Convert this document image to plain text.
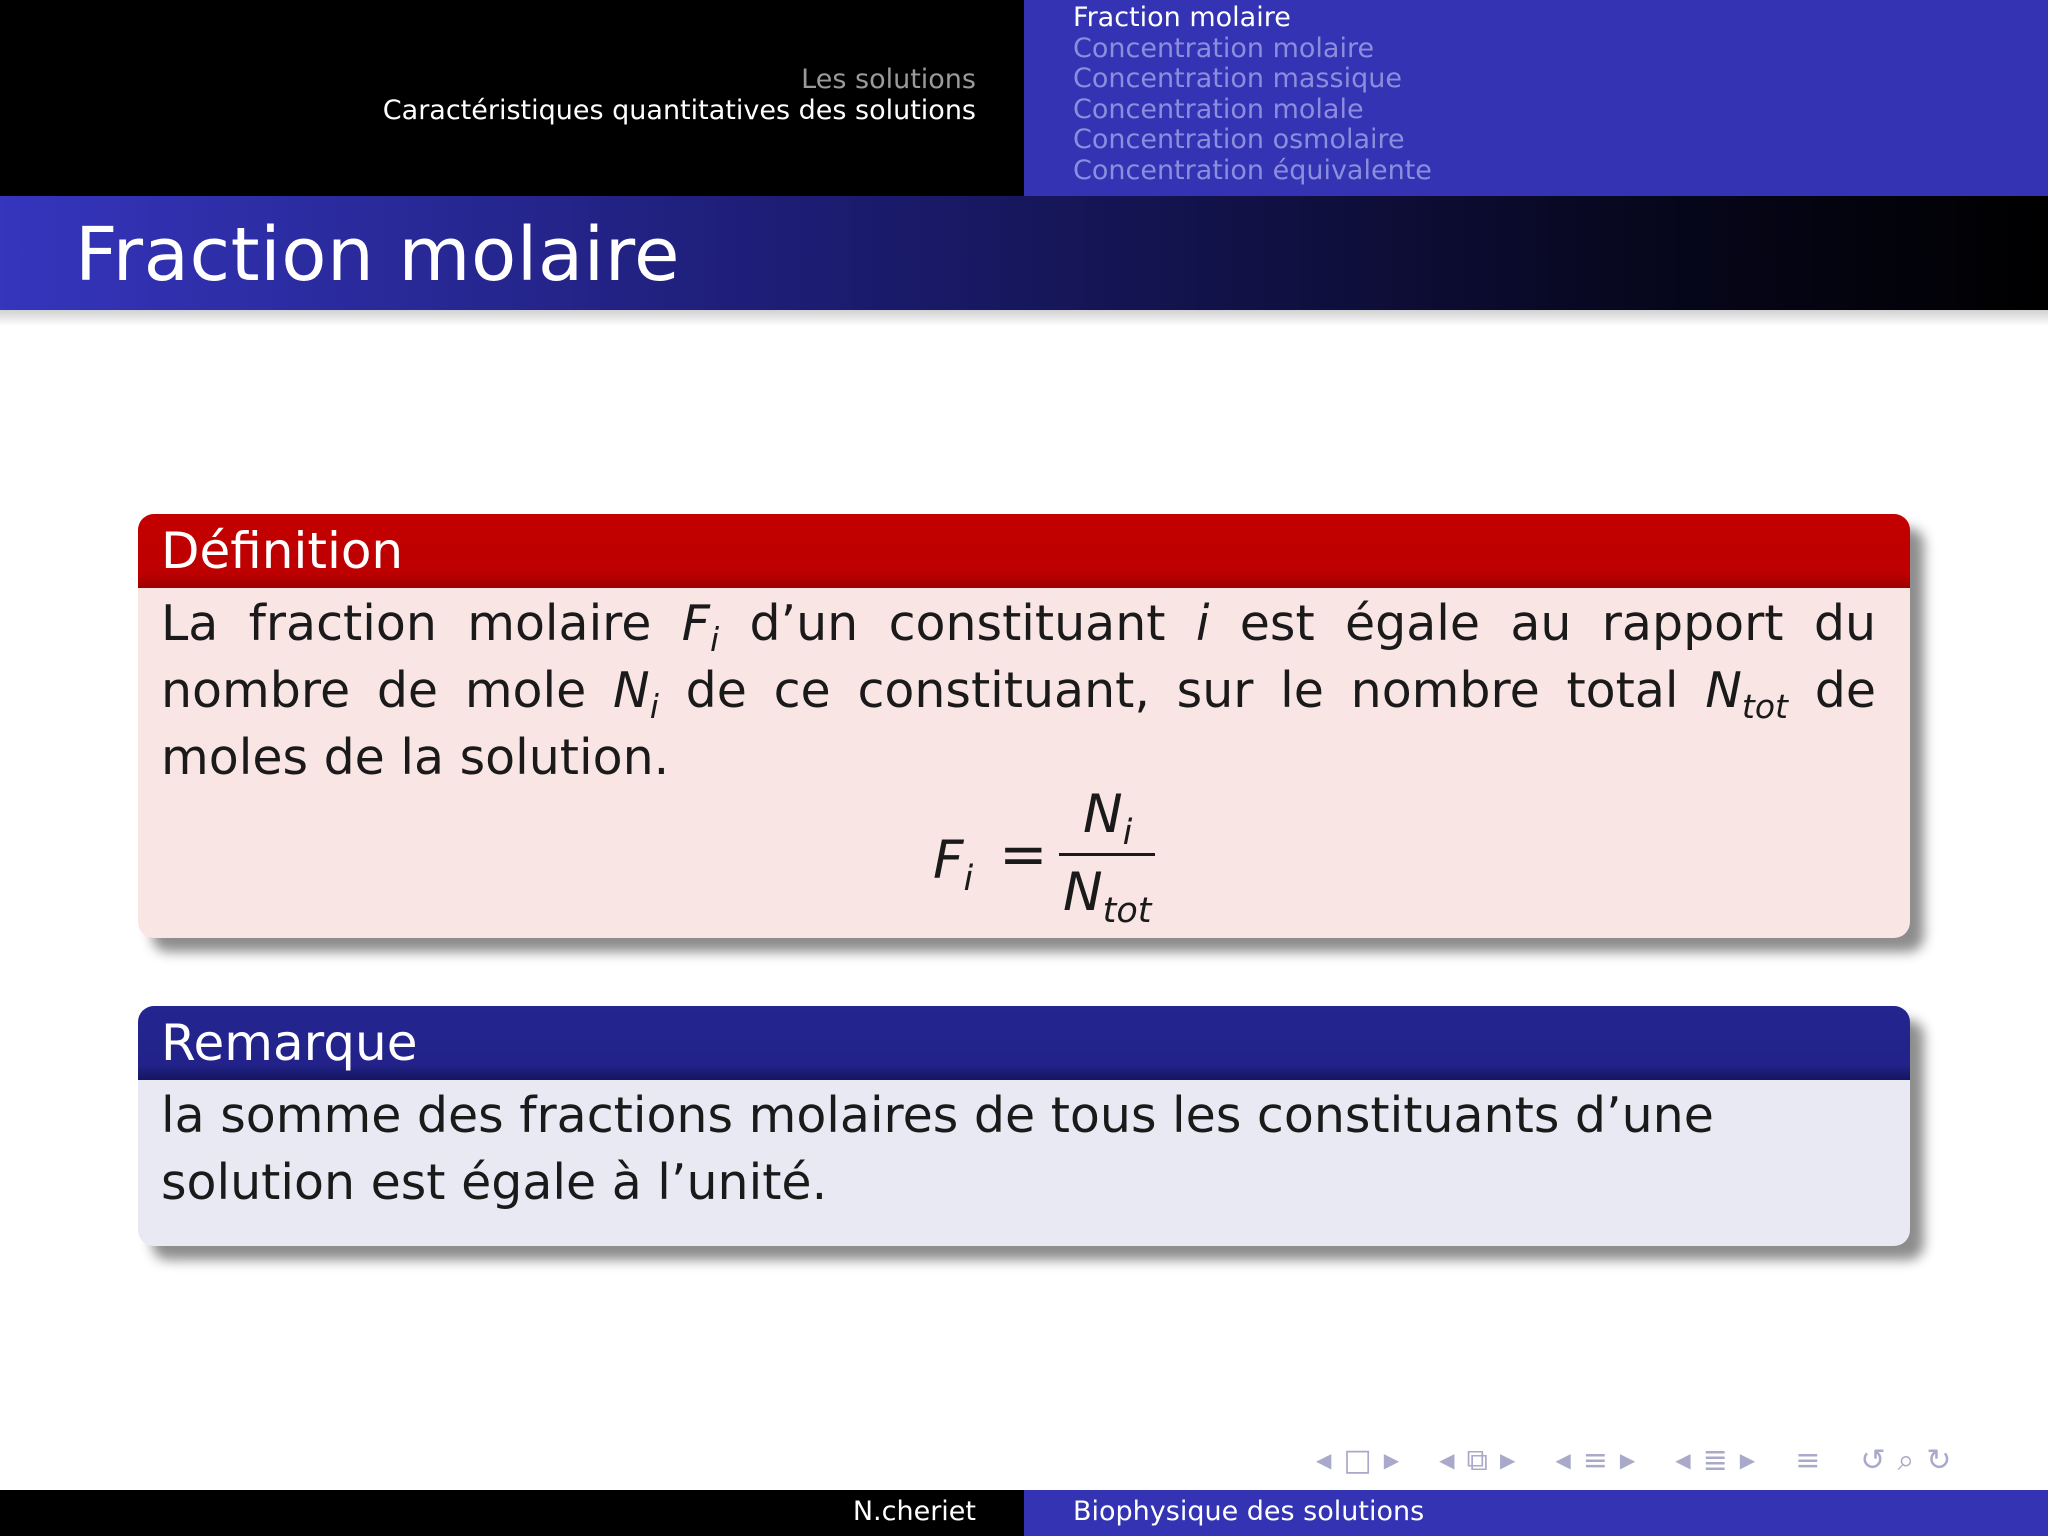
Les solutions
Caractéristiques quantitatives des solutions
Fraction molaire
Concentration molaire
Concentration massique
Concentration molale
Concentration osmolaire
Concentration équivalente
Fraction molaire
Définition

La fraction molaire $F_i$ d’un constituant i est égale au rapport du nombre de mole $N_i$ de ce constituant, sur le nombre total $N_{tot}$ de moles de la solution.

$F_i$ =
$N_i$
$N_{tot}$
Remarque

la somme des fractions molaires de tous les constituants d’une solution est égale à l’unité.

◀ □ ▶ ◀ ⧉ ▶ ◀ ≡ ▶ ◀ ≣ ▶ ≡ ↺ ⌕ ↻
N.cheriet	Biophysique des solutions
